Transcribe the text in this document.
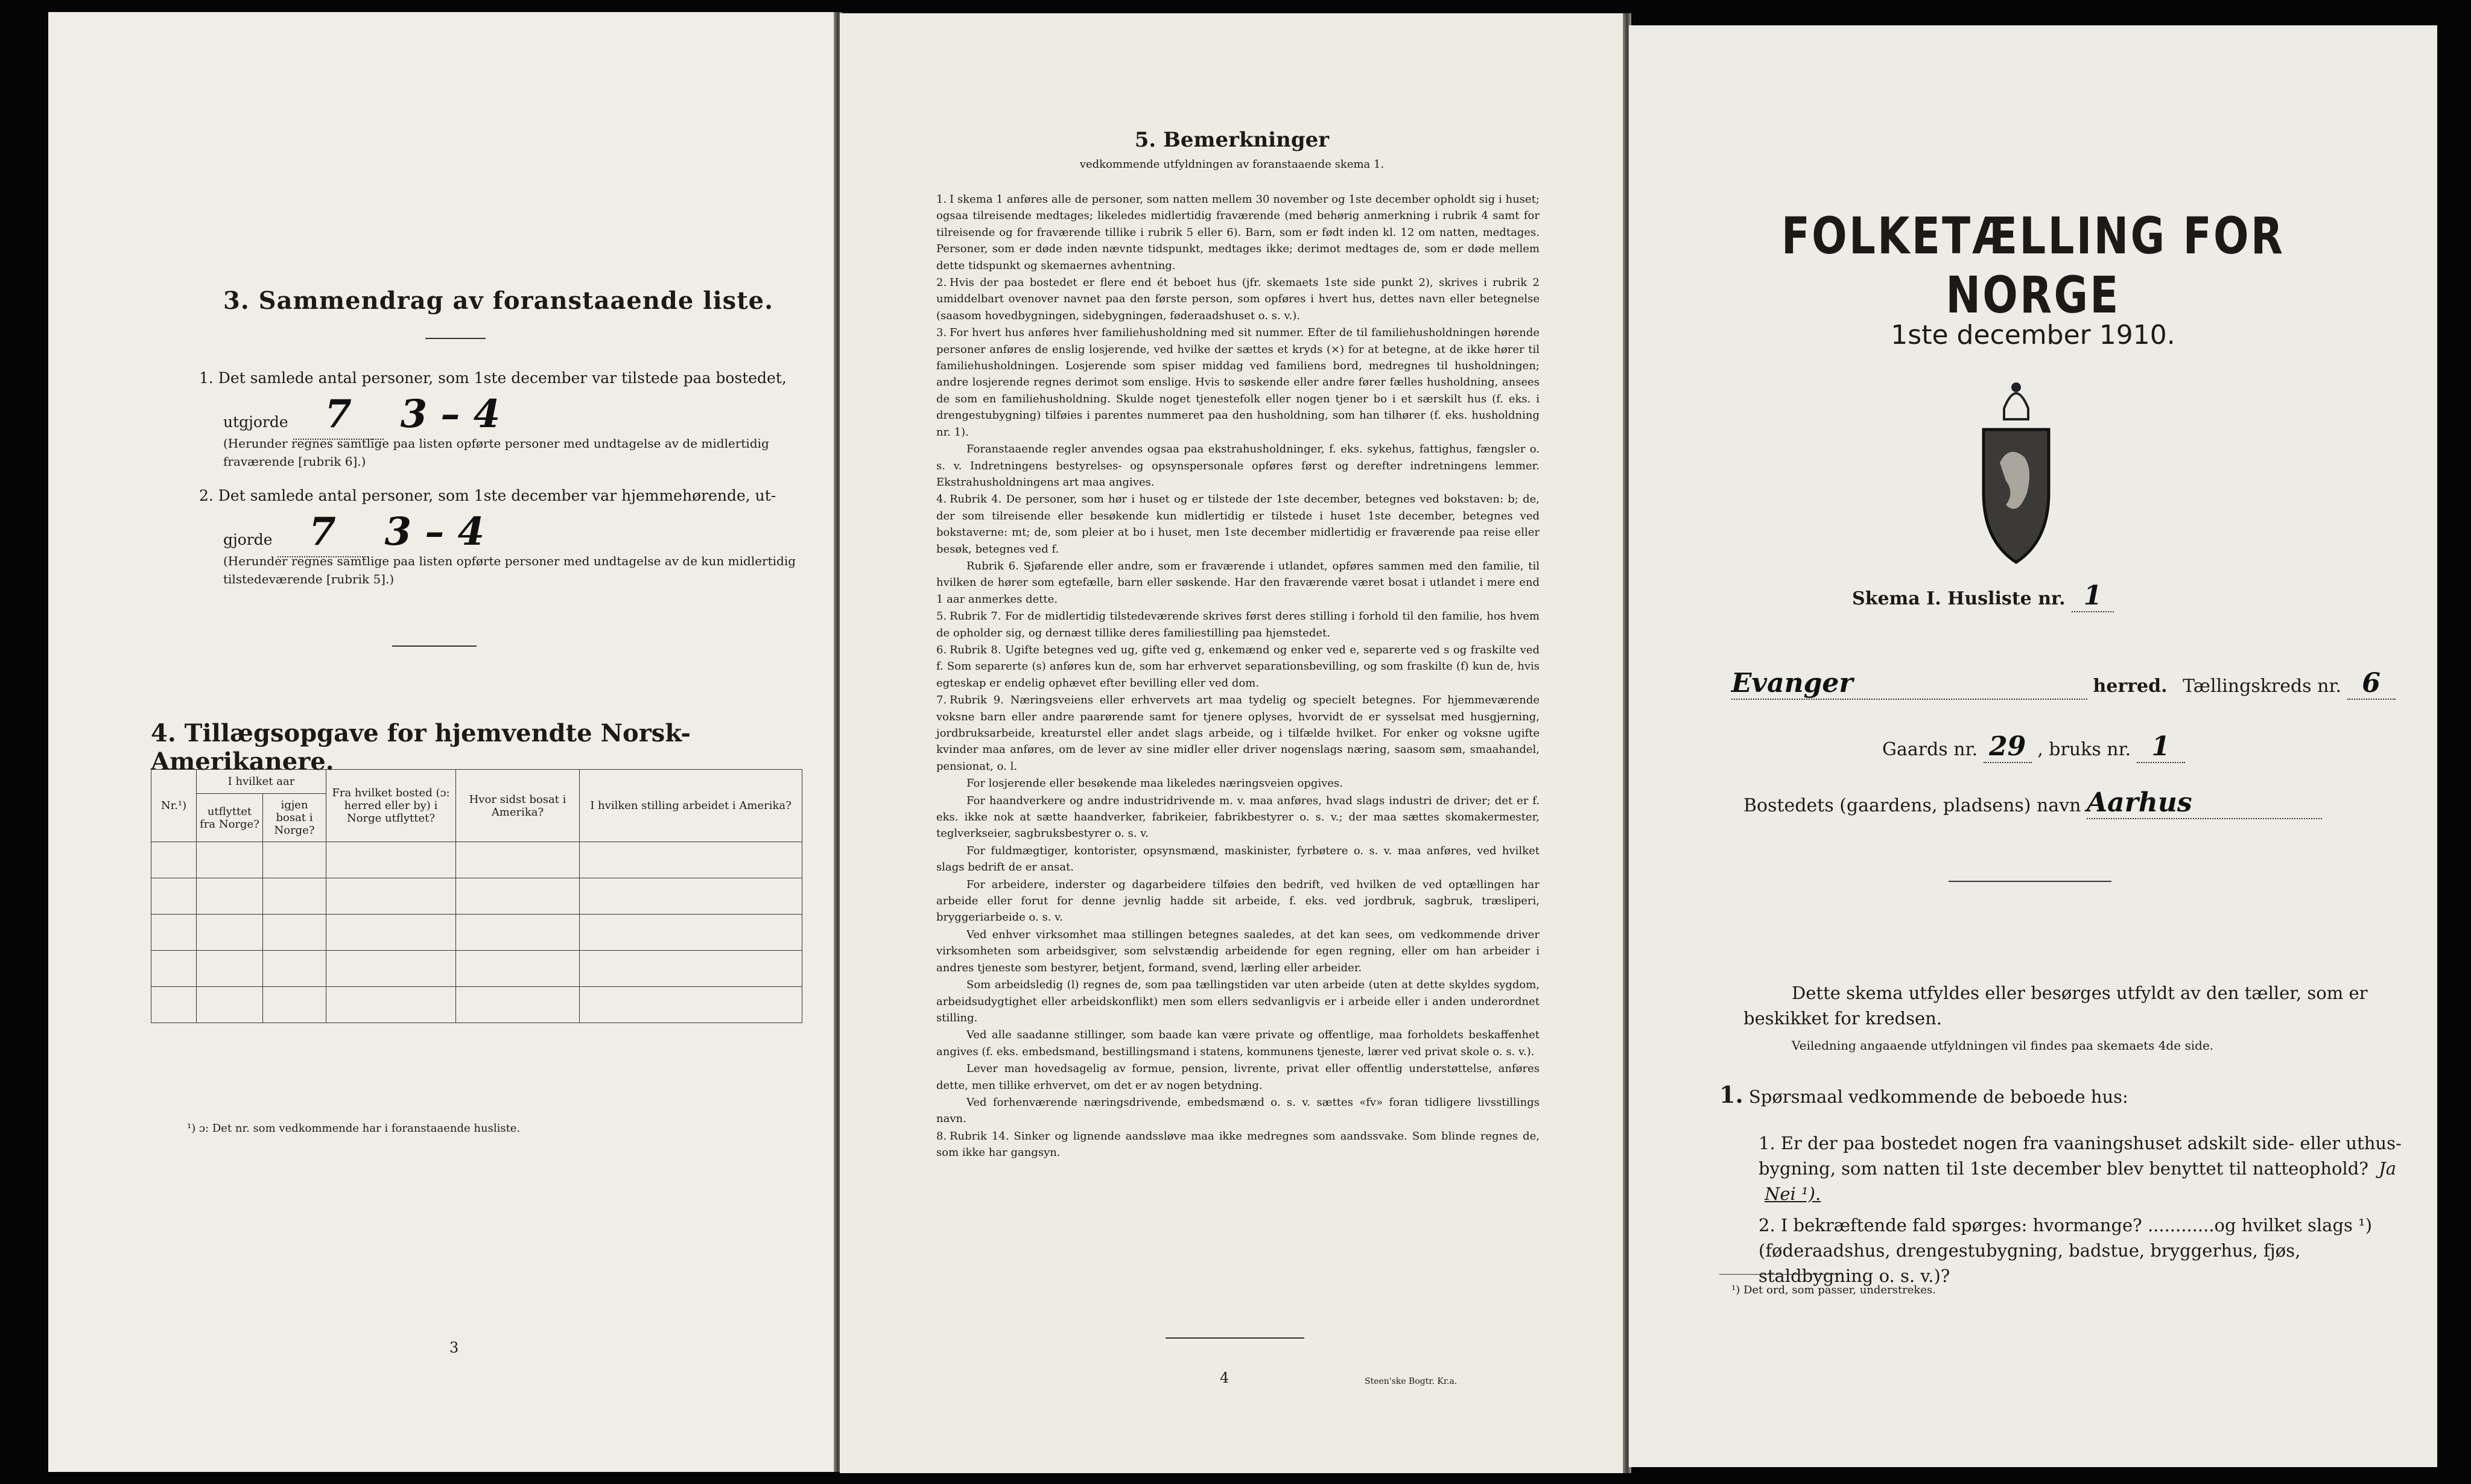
3. Sammendrag av foranstaaende liste.
1. Det samlede antal personer, som 1ste december var tilstede paa bostedet,
utgjorde 7 3 – 4
(Herunder regnes samtlige paa listen opførte personer med undtagelse av de midlertidig fraværende [rubrik 6].)
2. Det samlede antal personer, som 1ste december var hjemmehørende, ut-
gjorde 7 3 – 4
(Herunder regnes samtlige paa listen opførte personer med undtagelse av de kun midlertidig tilstedeværende [rubrik 5].)
4. Tillægsopgave for hjemvendte Norsk-Amerikanere.
Nr.¹)	I hvilket aar		Fra hvilket bosted (ɔ: herred eller by) i Norge utflyttet?	Hvor sidst bosat i Amerika?	I hvilken stilling arbeidet i Amerika?
	utflyttet fra Norge?	igjen bosat i Norge?			

¹) ɔ: Det nr. som vedkommende har i foranstaaende husliste.
3
5. Bemerkninger
vedkommende utfyldningen av foranstaaende skema 1.

1. I skema 1 anføres alle de personer, som natten mellem 30 november og 1ste december opholdt sig i huset; ogsaa tilreisende medtages; likeledes midlertidig fraværende (med behørig anmerkning i rubrik 4 samt for tilreisende og for fraværende tillike i rubrik 5 eller 6). Barn, som er født inden kl. 12 om natten, medtages. Personer, som er døde inden nævnte tidspunkt, medtages ikke; derimot medtages de, som er døde mellem dette tidspunkt og skemaernes avhentning.

2. Hvis der paa bostedet er flere end ét beboet hus (jfr. skemaets 1ste side punkt 2), skrives i rubrik 2 umiddelbart ovenover navnet paa den første person, som opføres i hvert hus, dettes navn eller betegnelse (saasom hovedbygningen, sidebygningen, føderaadshuset o. s. v.).

3. For hvert hus anføres hver familiehusholdning med sit nummer. Efter de til familiehusholdningen hørende personer anføres de enslig losjerende, ved hvilke der sættes et kryds (×) for at betegne, at de ikke hører til familiehusholdningen. Losjerende som spiser middag ved familiens bord, medregnes til husholdningen; andre losjerende regnes derimot som enslige. Hvis to søskende eller andre fører fælles husholdning, ansees de som en familiehusholdning. Skulde noget tjenestefolk eller nogen tjener bo i et særskilt hus (f. eks. i drengestubygning) tilføies i parentes nummeret paa den husholdning, som han tilhører (f. eks. husholdning nr. 1).

Foranstaaende regler anvendes ogsaa paa ekstrahusholdninger, f. eks. sykehus, fattighus, fængsler o. s. v. Indretningens bestyrelses- og opsynspersonale opføres først og derefter indretningens lemmer. Ekstrahusholdningens art maa angives.

4. Rubrik 4. De personer, som hør i huset og er tilstede der 1ste december, betegnes ved bokstaven: b; de, der som tilreisende eller besøkende kun midlertidig er tilstede i huset 1ste december, betegnes ved bokstaverne: mt; de, som pleier at bo i huset, men 1ste december midlertidig er fraværende paa reise eller besøk, betegnes ved f.

Rubrik 6. Sjøfarende eller andre, som er fraværende i utlandet, opføres sammen med den familie, til hvilken de hører som egtefælle, barn eller søskende. Har den fraværende været bosat i utlandet i mere end 1 aar anmerkes dette.

5. Rubrik 7. For de midlertidig tilstedeværende skrives først deres stilling i forhold til den familie, hos hvem de opholder sig, og dernæst tillike deres familiestilling paa hjemstedet.

6. Rubrik 8. Ugifte betegnes ved ug, gifte ved g, enkemænd og enker ved e, separerte ved s og fraskilte ved f. Som separerte (s) anføres kun de, som har erhvervet separationsbevilling, og som fraskilte (f) kun de, hvis egteskap er endelig ophævet efter bevilling eller ved dom.

7. Rubrik 9. Næringsveiens eller erhvervets art maa tydelig og specielt betegnes. For hjemmeværende voksne barn eller andre paarørende samt for tjenere oplyses, hvorvidt de er sysselsat med husgjerning, jordbruksarbeide, kreaturstel eller andet slags arbeide, og i tilfælde hvilket. For enker og voksne ugifte kvinder maa anføres, om de lever av sine midler eller driver nogenslags næring, saasom søm, smaahandel, pensionat, o. l.

For losjerende eller besøkende maa likeledes næringsveien opgives.

For haandverkere og andre industridrivende m. v. maa anføres, hvad slags industri de driver; det er f. eks. ikke nok at sætte haandverker, fabrikeier, fabrikbestyrer o. s. v.; der maa sættes skomakermester, teglverkseier, sagbruksbestyrer o. s. v.

For fuldmægtiger, kontorister, opsynsmænd, maskinister, fyrbøtere o. s. v. maa anføres, ved hvilket slags bedrift de er ansat.

For arbeidere, inderster og dagarbeidere tilføies den bedrift, ved hvilken de ved optællingen har arbeide eller forut for denne jevnlig hadde sit arbeide, f. eks. ved jordbruk, sagbruk, træsliperi, bryggeriarbeide o. s. v.

Ved enhver virksomhet maa stillingen betegnes saaledes, at det kan sees, om vedkommende driver virksomheten som arbeidsgiver, som selvstændig arbeidende for egen regning, eller om han arbeider i andres tjeneste som bestyrer, betjent, formand, svend, lærling eller arbeider.

Som arbeidsledig (l) regnes de, som paa tællingstiden var uten arbeide (uten at dette skyldes sygdom, arbeidsudygtighet eller arbeidskonflikt) men som ellers sedvanligvis er i arbeide eller i anden underordnet stilling.

Ved alle saadanne stillinger, som baade kan være private og offentlige, maa forholdets beskaffenhet angives (f. eks. embedsmand, bestillingsmand i statens, kommunens tjeneste, lærer ved privat skole o. s. v.).

Lever man hovedsagelig av formue, pension, livrente, privat eller offentlig understøttelse, anføres dette, men tillike erhvervet, om det er av nogen betydning.

Ved forhenværende næringsdrivende, embedsmænd o. s. v. sættes «fv» foran tidligere livsstillings navn.

8. Rubrik 14. Sinker og lignende aandssløve maa ikke medregnes som aandssvake. Som blinde regnes de, som ikke har gangsyn.

4	Steen'ske Bogtr. Kr.a.
FOLKETÆLLING FOR NORGE
1ste december 1910.
Skema I. Husliste nr. 1
Evanger	herred. Tællingskreds nr. 6
Gaards nr. 29 , bruks nr. 1
Bostedets (gaardens, pladsens) navn Aarhus
Dette skema utfyldes eller besørges utfyldt av den tæller, som er beskikket for kredsen.
Veiledning angaaende utfyldningen vil findes paa skemaets 4de side.
1. Spørsmaal vedkommende de beboede hus:
1. Er der paa bostedet nogen fra vaaningshuset adskilt side- eller uthus-bygning, som natten til 1ste december blev benyttet til natteophold? Ja Nei ¹).
2. I bekræftende fald spørges: hvormange? ............og hvilket slags ¹) (føderaadshus, drengestubygning, badstue, bryggerhus, fjøs, staldbygning o. s. v.)?
¹) Det ord, som passer, understrekes.
